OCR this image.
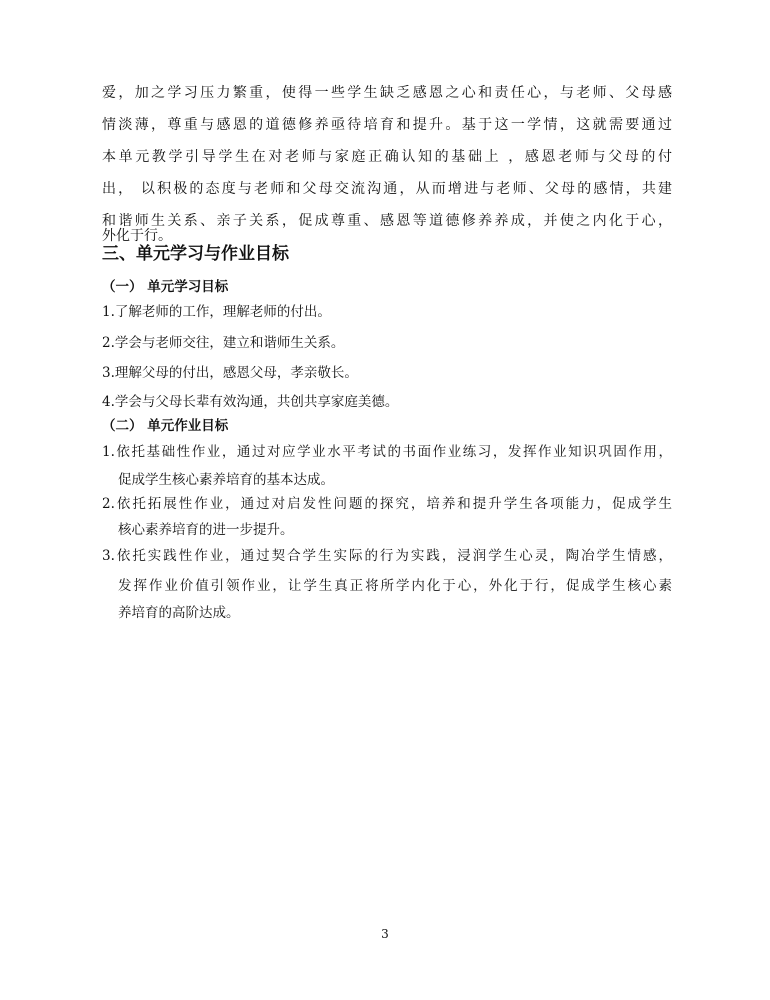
爱，加之学习压力繁重，使得一些学生缺乏感恩之心和责任心，与老师、父母感
情淡薄，尊重与感恩的道德修养亟待培育和提升。基于这一学情，这就需要通过
本单元教学引导学生在对老师与家庭正确认知的基础上 ，感恩老师与父母的付
出， 以积极的态度与老师和父母交流沟通，从而增进与老师、父母的感情，共建
和谐师生关系、亲子关系，促成尊重、感恩等道德修养养成，并使之内化于心，
外化于行。
三、单元学习与作业目标
（一） 单元学习目标
1.了解老师的工作，理解老师的付出。
2.学会与老师交往，建立和谐师生关系。
3.理解父母的付出，感恩父母，孝亲敬长。
4.学会与父母长辈有效沟通，共创共享家庭美德。
（二） 单元作业目标
1.依托基础性作业，通过对应学业水平考试的书面作业练习，发挥作业知识巩固作用，
促成学生核心素养培育的基本达成。
2.依托拓展性作业，通过对启发性问题的探究，培养和提升学生各项能力，促成学生
核心素养培育的进一步提升。
3.依托实践性作业，通过契合学生实际的行为实践，浸润学生心灵，陶冶学生情感，
发挥作业价值引领作业，让学生真正将所学内化于心，外化于行，促成学生核心素
养培育的高阶达成。
3
